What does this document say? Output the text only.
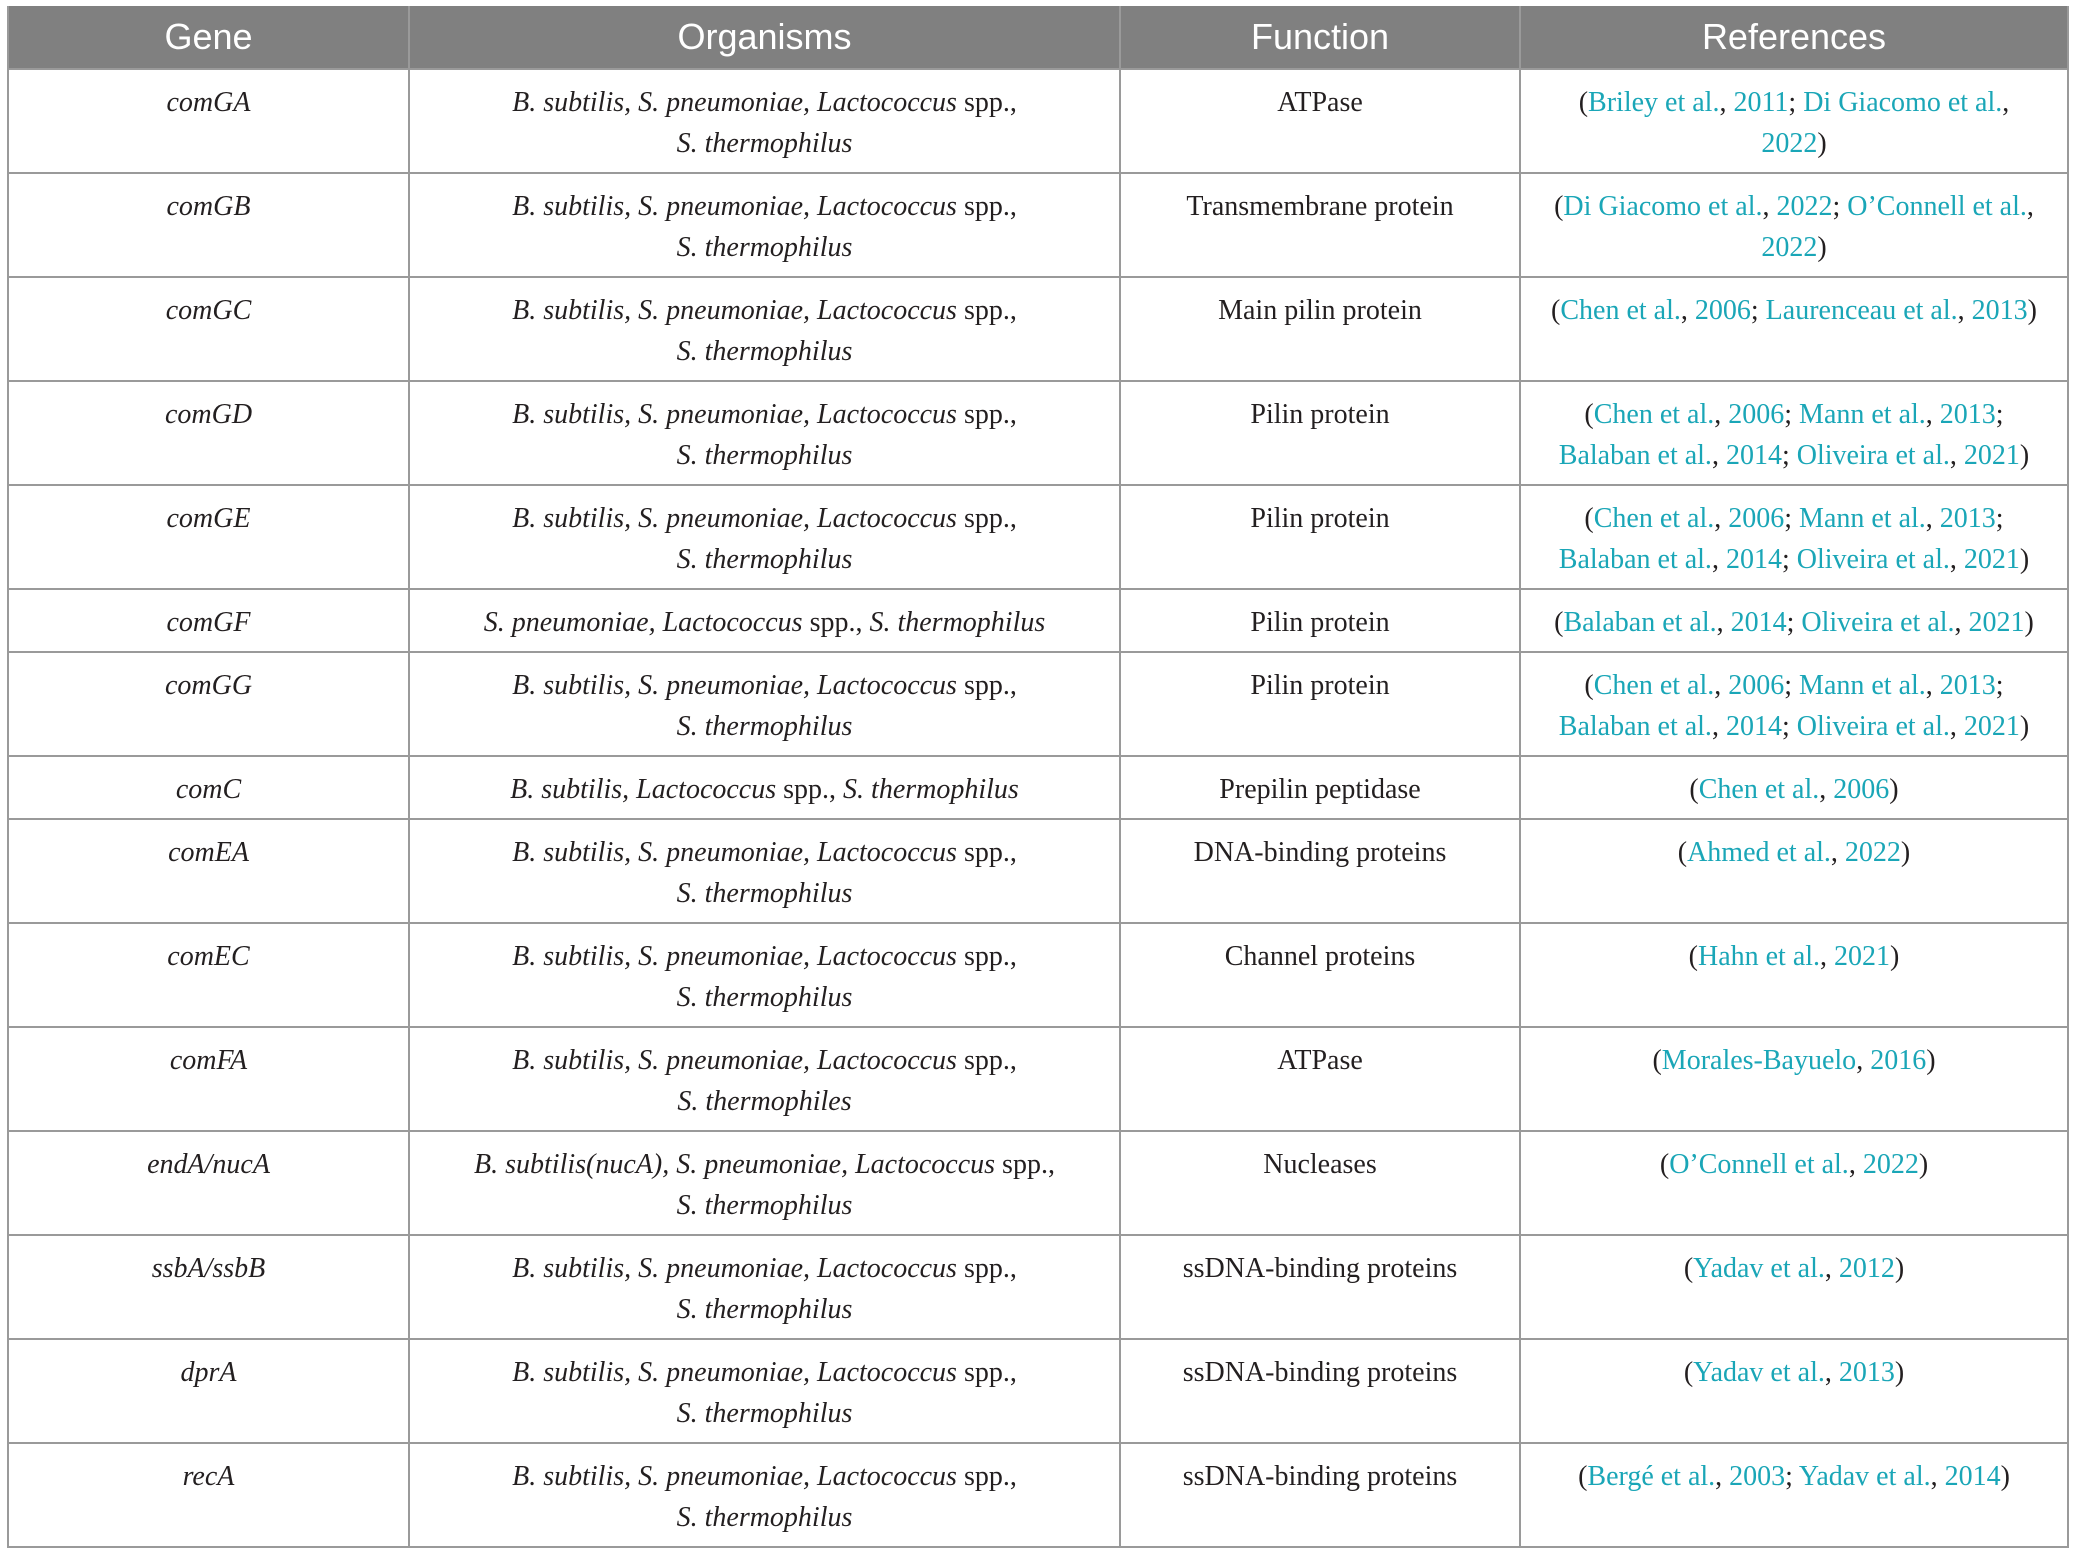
Gene	Organisms	Function	References
comGA	B. subtilis, S. pneumoniae, Lactococcus spp.,
S. thermophilus	ATPase	(Briley et al., 2011; Di Giacomo et al.,
2022)
comGB	B. subtilis, S. pneumoniae, Lactococcus spp.,
S. thermophilus	Transmembrane protein	(Di Giacomo et al., 2022; O’Connell et al.,
2022)
comGC	B. subtilis, S. pneumoniae, Lactococcus spp.,
S. thermophilus	Main pilin protein	(Chen et al., 2006; Laurenceau et al., 2013)
comGD	B. subtilis, S. pneumoniae, Lactococcus spp.,
S. thermophilus	Pilin protein	(Chen et al., 2006; Mann et al., 2013;
Balaban et al., 2014; Oliveira et al., 2021)
comGE	B. subtilis, S. pneumoniae, Lactococcus spp.,
S. thermophilus	Pilin protein	(Chen et al., 2006; Mann et al., 2013;
Balaban et al., 2014; Oliveira et al., 2021)
comGF	S. pneumoniae, Lactococcus spp., S. thermophilus	Pilin protein	(Balaban et al., 2014; Oliveira et al., 2021)
comGG	B. subtilis, S. pneumoniae, Lactococcus spp.,
S. thermophilus	Pilin protein	(Chen et al., 2006; Mann et al., 2013;
Balaban et al., 2014; Oliveira et al., 2021)
comC	B. subtilis, Lactococcus spp., S. thermophilus	Prepilin peptidase	(Chen et al., 2006)
comEA	B. subtilis, S. pneumoniae, Lactococcus spp.,
S. thermophilus	DNA-binding proteins	(Ahmed et al., 2022)
comEC	B. subtilis, S. pneumoniae, Lactococcus spp.,
S. thermophilus	Channel proteins	(Hahn et al., 2021)
comFA	B. subtilis, S. pneumoniae, Lactococcus spp.,
S. thermophiles	ATPase	(Morales-Bayuelo, 2016)
endA/nucA	B. subtilis(nucA), S. pneumoniae, Lactococcus spp.,
S. thermophilus	Nucleases	(O’Connell et al., 2022)
ssbA/ssbB	B. subtilis, S. pneumoniae, Lactococcus spp.,
S. thermophilus	ssDNA-binding proteins	(Yadav et al., 2012)
dprA	B. subtilis, S. pneumoniae, Lactococcus spp.,
S. thermophilus	ssDNA-binding proteins	(Yadav et al., 2013)
recA	B. subtilis, S. pneumoniae, Lactococcus spp.,
S. thermophilus	ssDNA-binding proteins	(Bergé et al., 2003; Yadav et al., 2014)
